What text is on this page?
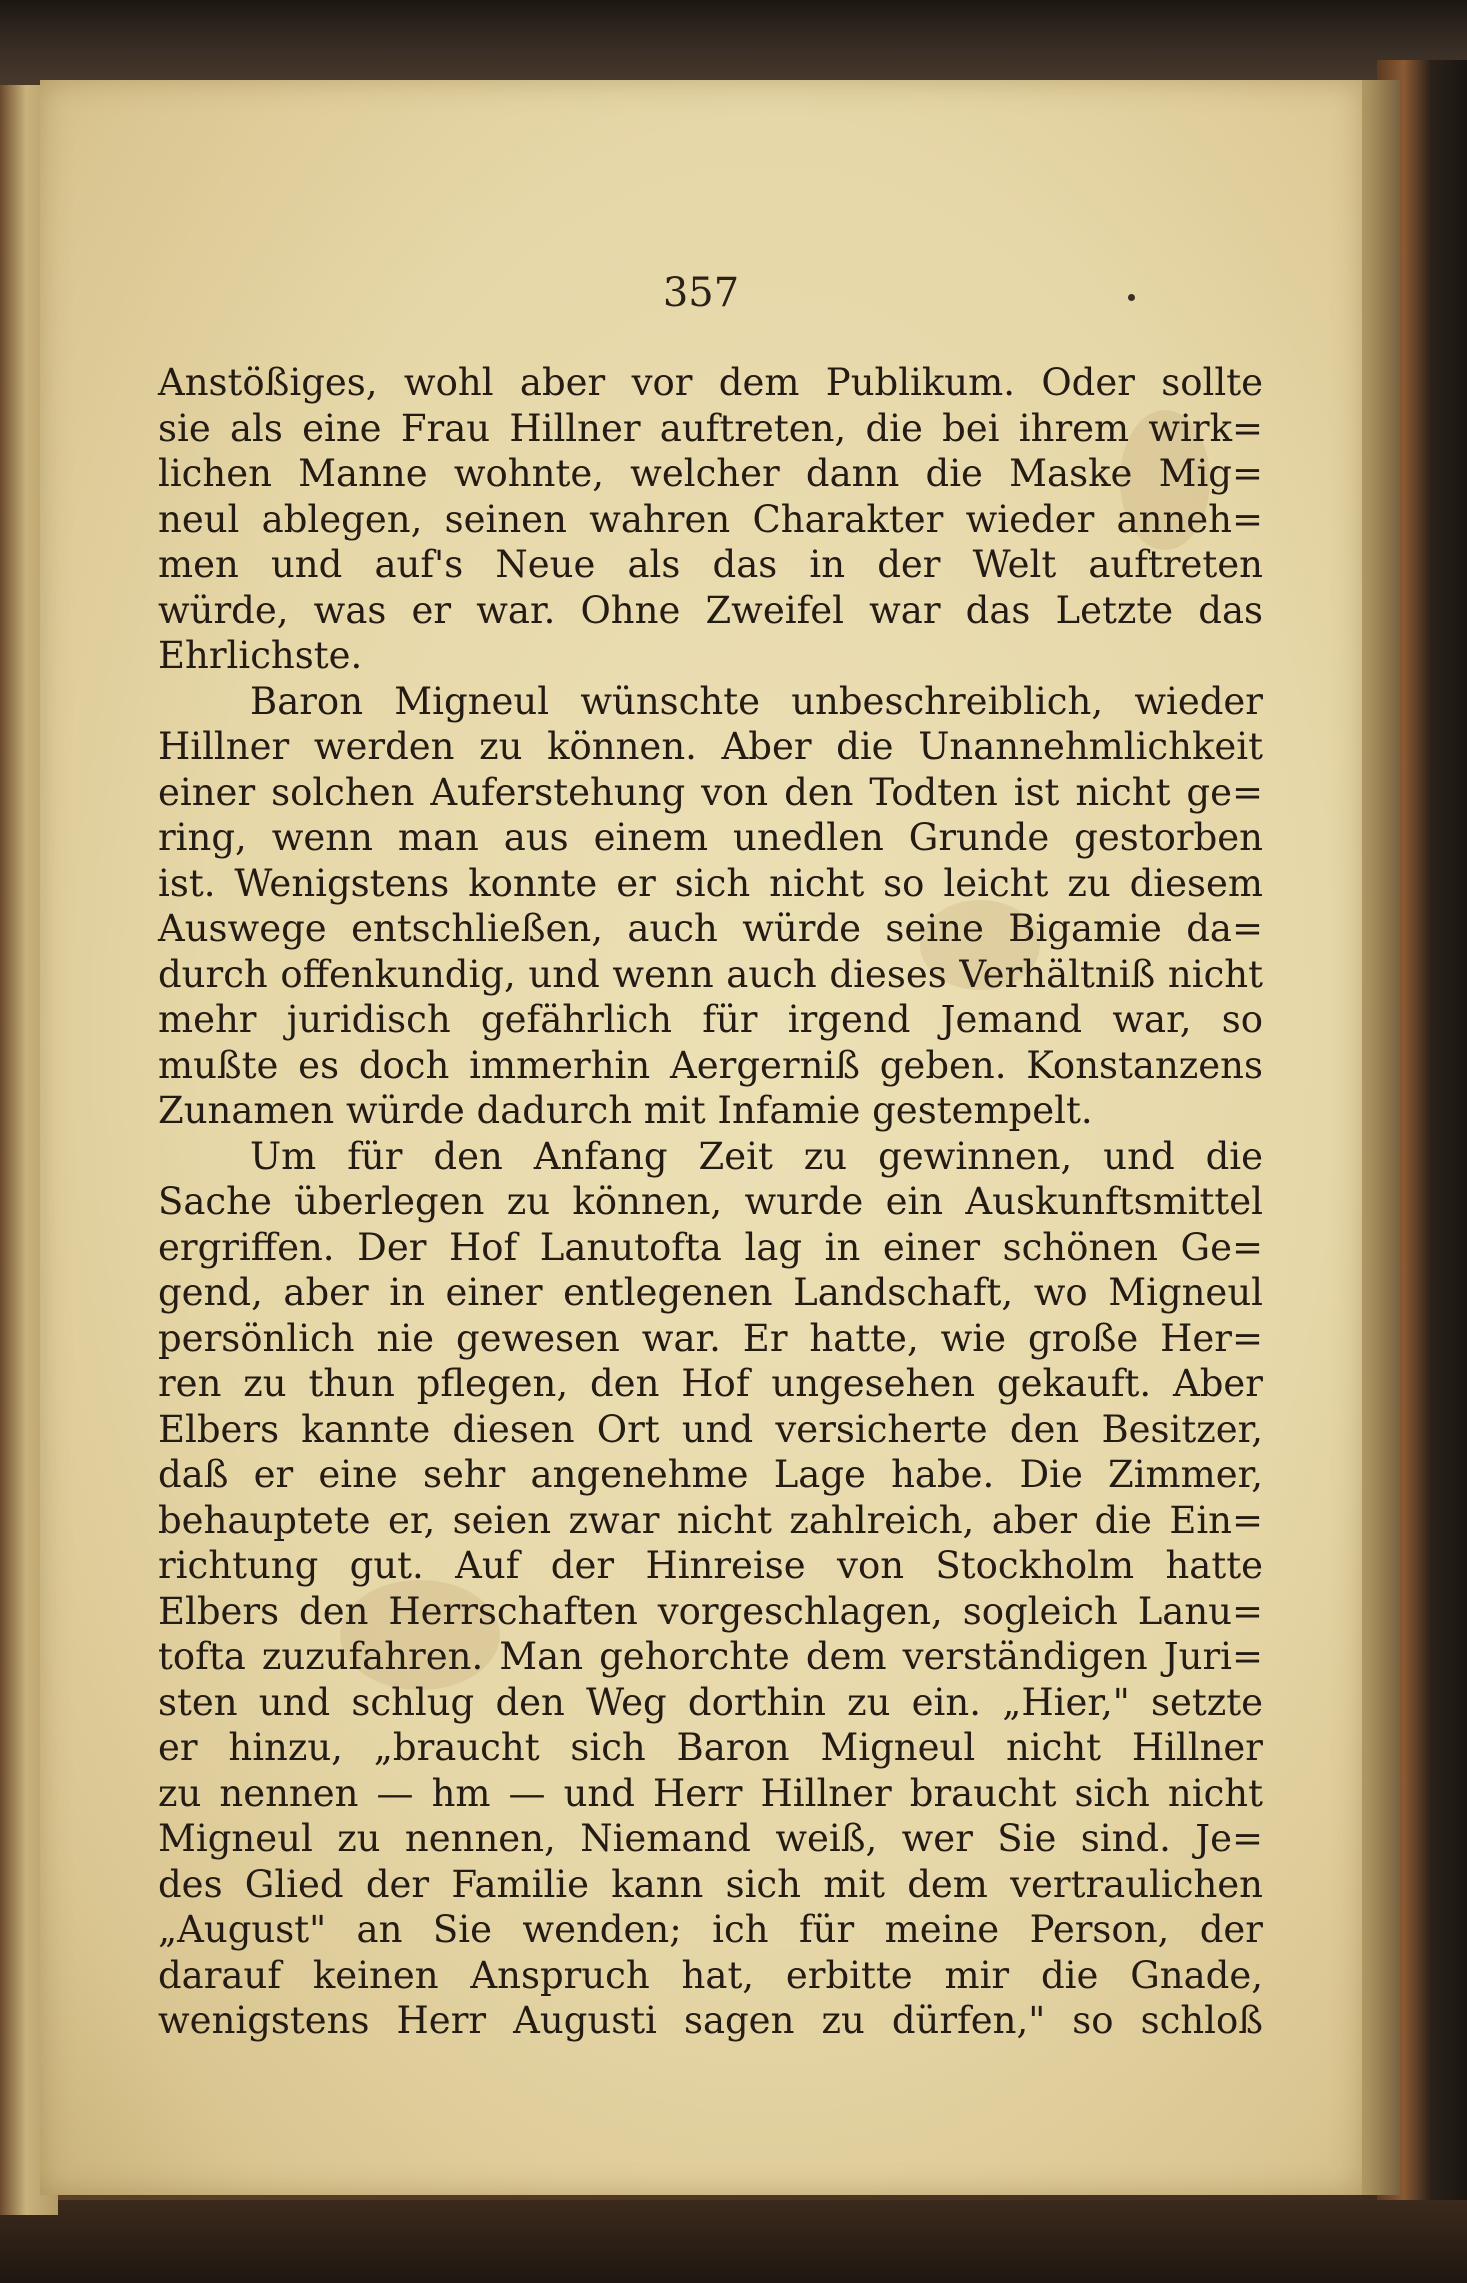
357
Anstößiges, wohl aber vor dem Publikum. Oder sollte
sie als eine Frau Hillner auftreten, die bei ihrem wirk=
lichen Manne wohnte, welcher dann die Maske Mig=
neul ablegen, seinen wahren Charakter wieder anneh=
men und auf's Neue als das in der Welt auftreten
würde, was er war. Ohne Zweifel war das Letzte das
Ehrlichste.
Baron Migneul wünschte unbeschreiblich, wieder
Hillner werden zu können. Aber die Unannehmlichkeit
einer solchen Auferstehung von den Todten ist nicht ge=
ring, wenn man aus einem unedlen Grunde gestorben
ist. Wenigstens konnte er sich nicht so leicht zu diesem
Auswege entschließen, auch würde seine Bigamie da=
durch offenkundig, und wenn auch dieses Verhältniß nicht
mehr juridisch gefährlich für irgend Jemand war, so
mußte es doch immerhin Aergerniß geben. Konstanzens
Zunamen würde dadurch mit Infamie gestempelt.
Um für den Anfang Zeit zu gewinnen, und die
Sache überlegen zu können, wurde ein Auskunftsmittel
ergriffen. Der Hof Lanutofta lag in einer schönen Ge=
gend, aber in einer entlegenen Landschaft, wo Migneul
persönlich nie gewesen war. Er hatte, wie große Her=
ren zu thun pflegen, den Hof ungesehen gekauft. Aber
Elbers kannte diesen Ort und versicherte den Besitzer,
daß er eine sehr angenehme Lage habe. Die Zimmer,
behauptete er, seien zwar nicht zahlreich, aber die Ein=
richtung gut. Auf der Hinreise von Stockholm hatte
Elbers den Herrschaften vorgeschlagen, sogleich Lanu=
tofta zuzufahren. Man gehorchte dem verständigen Juri=
sten und schlug den Weg dorthin zu ein. „Hier," setzte
er hinzu, „braucht sich Baron Migneul nicht Hillner
zu nennen — hm — und Herr Hillner braucht sich nicht
Migneul zu nennen, Niemand weiß, wer Sie sind. Je=
des Glied der Familie kann sich mit dem vertraulichen
„August" an Sie wenden; ich für meine Person, der
darauf keinen Anspruch hat, erbitte mir die Gnade,
wenigstens Herr Augusti sagen zu dürfen," so schloß
